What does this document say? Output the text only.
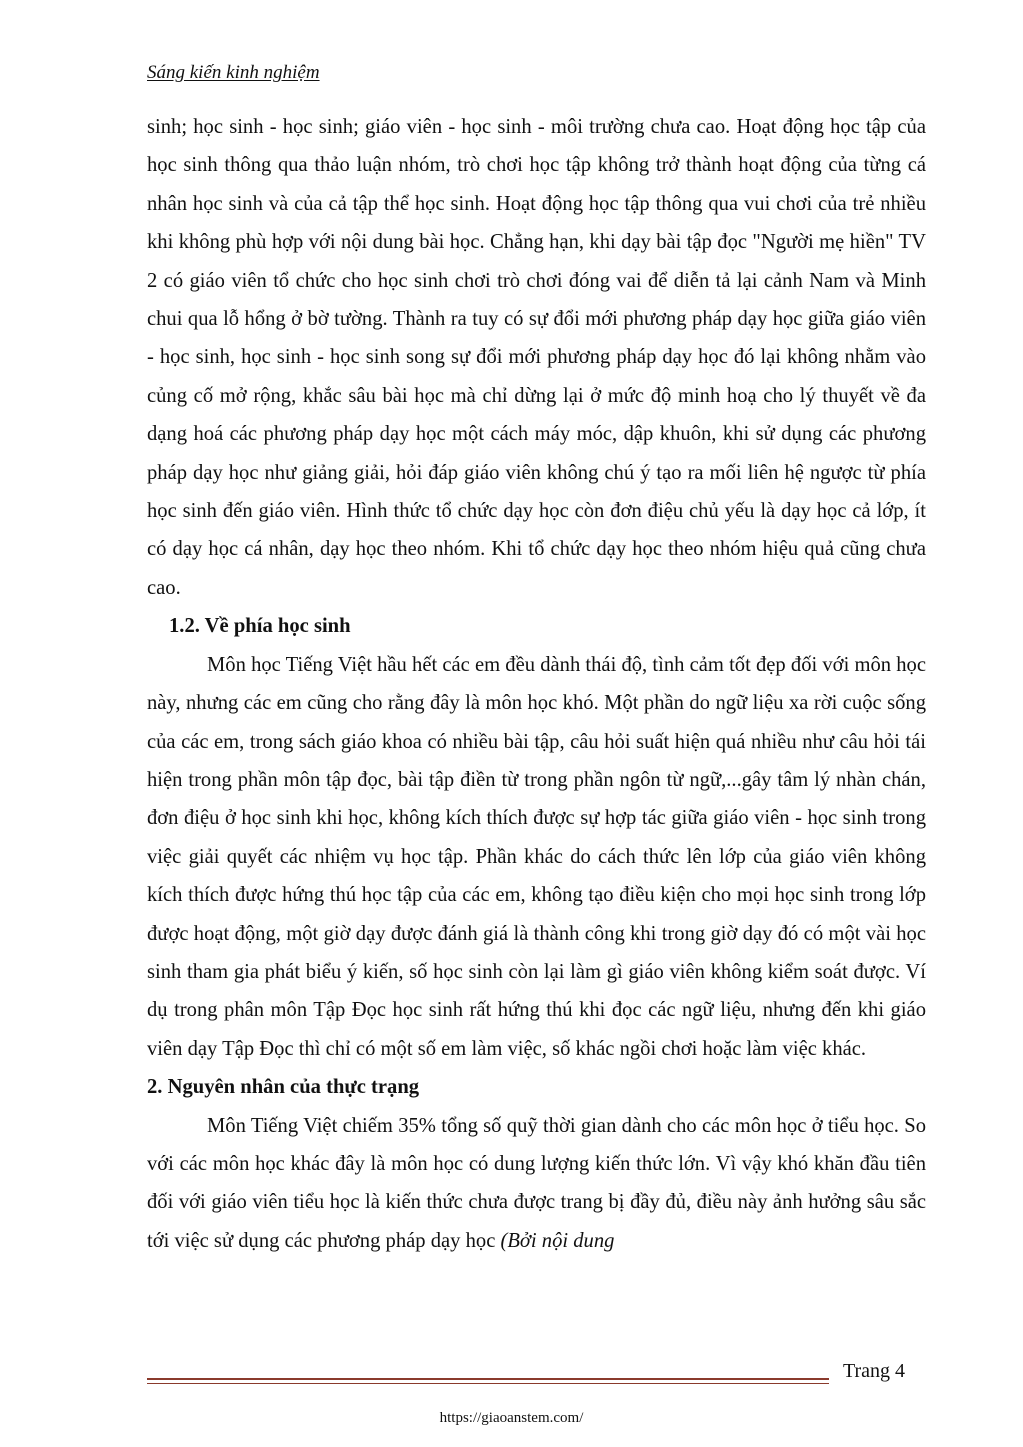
Sáng kiến kinh nghiệm

sinh; học sinh - học sinh; giáo viên - học sinh - môi trường chưa cao. Hoạt động học tập của học sinh thông qua thảo luận nhóm, trò chơi học tập không trở thành hoạt động của từng cá nhân học sinh và của cả tập thể học sinh. Hoạt động học tập thông qua vui chơi của trẻ nhiều khi không phù hợp với nội dung bài học. Chẳng hạn, khi dạy bài tập đọc "Người mẹ hiền" TV 2 có giáo viên tổ chức cho học sinh chơi trò chơi đóng vai để diễn tả lại cảnh Nam và Minh chui qua lỗ hổng ở bờ tường. Thành ra tuy có sự đổi mới phương pháp dạy học giữa giáo viên - học sinh, học sinh - học sinh song sự đổi mới phương pháp dạy học đó lại không nhằm vào củng cố mở rộng, khắc sâu bài học mà chỉ dừng lại ở mức độ minh hoạ cho lý thuyết về đa dạng hoá các phương pháp dạy học một cách máy móc, dập khuôn, khi sử dụng các phương pháp dạy học như giảng giải, hỏi đáp giáo viên không chú ý tạo ra mối liên hệ ngược từ phía học sinh đến giáo viên. Hình thức tổ chức dạy học còn đơn điệu chủ yếu là dạy học cả lớp, ít có dạy học cá nhân, dạy học theo nhóm. Khi tổ chức dạy học theo nhóm hiệu quả cũng chưa cao.

1.2. Về phía học sinh

Môn học Tiếng Việt hầu hết các em đều dành thái độ, tình cảm tốt đẹp đối với môn học này, nhưng các em cũng cho rằng đây là môn học khó. Một phần do ngữ liệu xa rời cuộc sống của các em, trong sách giáo khoa có nhiều bài tập, câu hỏi suất hiện quá nhiều như câu hỏi tái hiện trong phần môn tập đọc, bài tập điền từ trong phần ngôn từ ngữ,...gây tâm lý nhàn chán, đơn điệu ở học sinh khi học, không kích thích được sự hợp tác giữa giáo viên - học sinh trong việc giải quyết các nhiệm vụ học tập. Phần khác do cách thức lên lớp của giáo viên không kích thích được hứng thú học tập của các em, không tạo điều kiện cho mọi học sinh trong lớp được hoạt động, một giờ dạy được đánh giá là thành công khi trong giờ dạy đó có một vài học sinh tham gia phát biểu ý kiến, số học sinh còn lại làm gì giáo viên không kiểm soát được. Ví dụ trong phân môn Tập Đọc học sinh rất hứng thú khi đọc các ngữ liệu, nhưng đến khi giáo viên dạy Tập Đọc thì chỉ có một số em làm việc, số khác ngồi chơi hoặc làm việc khác.

2. Nguyên nhân của thực trạng

Môn Tiếng Việt chiếm 35% tổng số quỹ thời gian dành cho các môn học ở tiểu học. So với các môn học khác đây là môn học có dung lượng kiến thức lớn. Vì vậy khó khăn đầu tiên đối với giáo viên tiểu học là kiến thức chưa được trang bị đầy đủ, điều này ảnh hưởng sâu sắc tới việc sử dụng các phương pháp dạy học (Bởi nội dung

Trang 4
https://giaoanstem.com/
